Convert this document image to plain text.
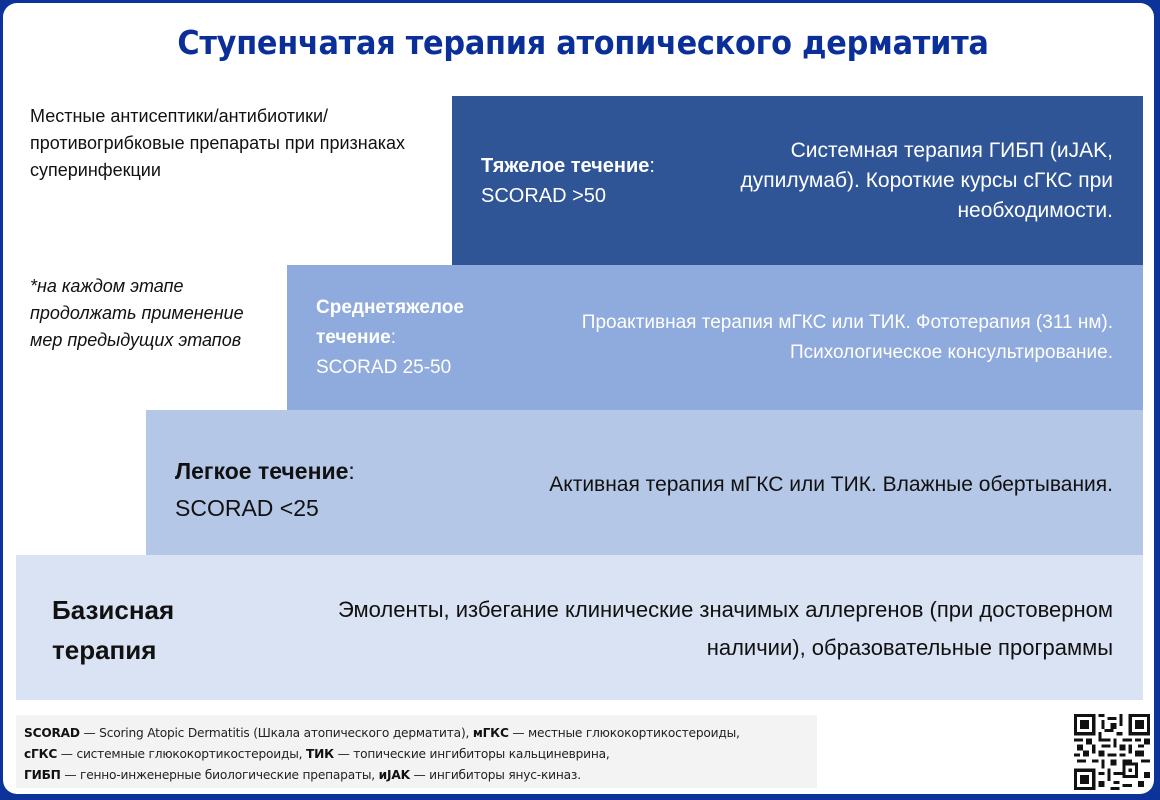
Ступенчатая терапия атопического дерматита
Местные антисептики/антибиотики/ противогрибковые препараты при признаках суперинфекции
*на каждом этапе продолжать применение мер предыдущих этапов
Тяжелое течение:
SCORAD >50
Системная терапия ГИБП (иJAK, дупилумаб). Короткие курсы сГКС при необходимости.
Среднетяжелое течение:
SCORAD 25-50
Проактивная терапия мГКС или ТИК. Фототерапия (311 нм). Психологическое консультирование.
Легкое течение:
SCORAD <25
Активная терапия мГКС или ТИК. Влажные обертывания.
Базисная терапия
Эмоленты, избегание клинические значимых аллергенов (при достоверном наличии), образовательные программы
SCORAD — Scoring Atopic Dermatitis (Шкала атопического дерматита), мГКС — местные глюкокортикостероиды,
сГКС — системные глюкокортикостероиды, ТИК — топические ингибиторы кальциневрина,
ГИБП — генно-инженерные биологические препараты, иJAK — ингибиторы янус-киназ.
